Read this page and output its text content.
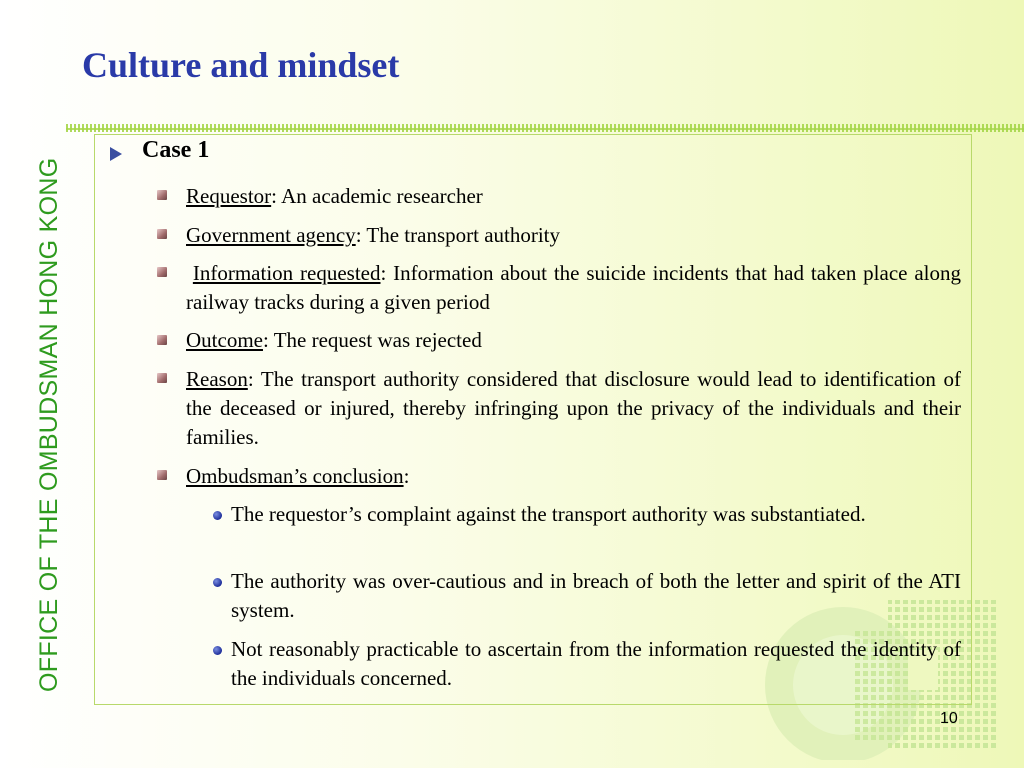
Culture and mindset
OFFICE OF THE OMBUDSMAN HONG KONG
Case 1
Requestor: An academic researcher
Government agency: The transport authority
Information requested: Information about the suicide incidents that had taken place along railway tracks during a given period
Outcome: The request was rejected
Reason: The transport authority considered that disclosure would lead to identification of the deceased or injured, thereby infringing upon the privacy of the individuals and their families.
Ombudsman’s conclusion:
The requestor’s complaint against the transport authority was substantiated.
The authority was over-cautious and in breach of both the letter and spirit of the ATI system.
Not reasonably practicable to ascertain from the information requested the identity of the individuals concerned.
10
